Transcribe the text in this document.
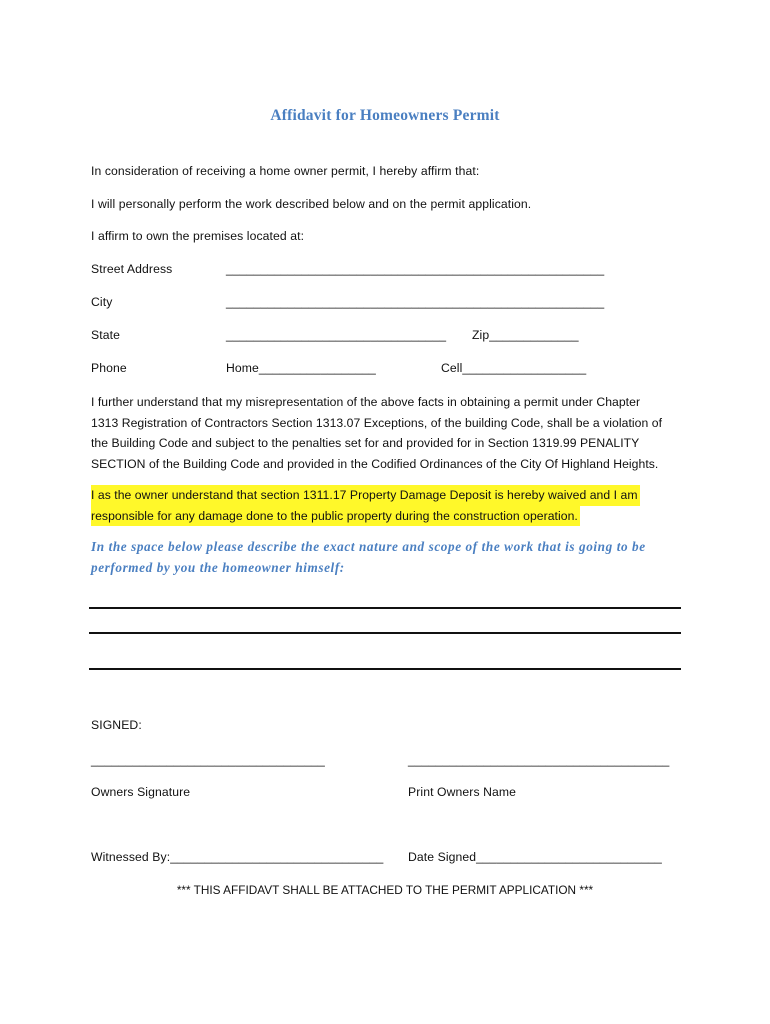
Affidavit for Homeowners Permit
In consideration of receiving a home owner permit, I hereby affirm that:
I will personally perform the work described below and on the permit application.
I affirm to own the premises located at:
Street Address	_______________________________________________________
City	_______________________________________________________
State	________________________________ Zip_____________
Phone	Home_________________	Cell__________________
I further understand that my misrepresentation of the above facts in obtaining a permit under Chapter
1313 Registration of Contractors Section 1313.07 Exceptions, of the building Code, shall be a violation of
the Building Code and subject to the penalties set for and provided for in Section 1319.99 PENALITY
SECTION of the Building Code and provided in the Codified Ordinances of the City Of Highland Heights.
I as the owner understand that section 1311.17 Property Damage Deposit is hereby waived and I am
responsible for any damage done to the public property during the construction operation.
In the space below please describe the exact nature and scope of the work that is going to be
performed by you the homeowner himself:
SIGNED:
__________________________________	______________________________________
Owners Signature	Print Owners Name
Witnessed By:_______________________________ Date Signed___________________________
*** THIS AFFIDAVT SHALL BE ATTACHED TO THE PERMIT APPLICATION ***
